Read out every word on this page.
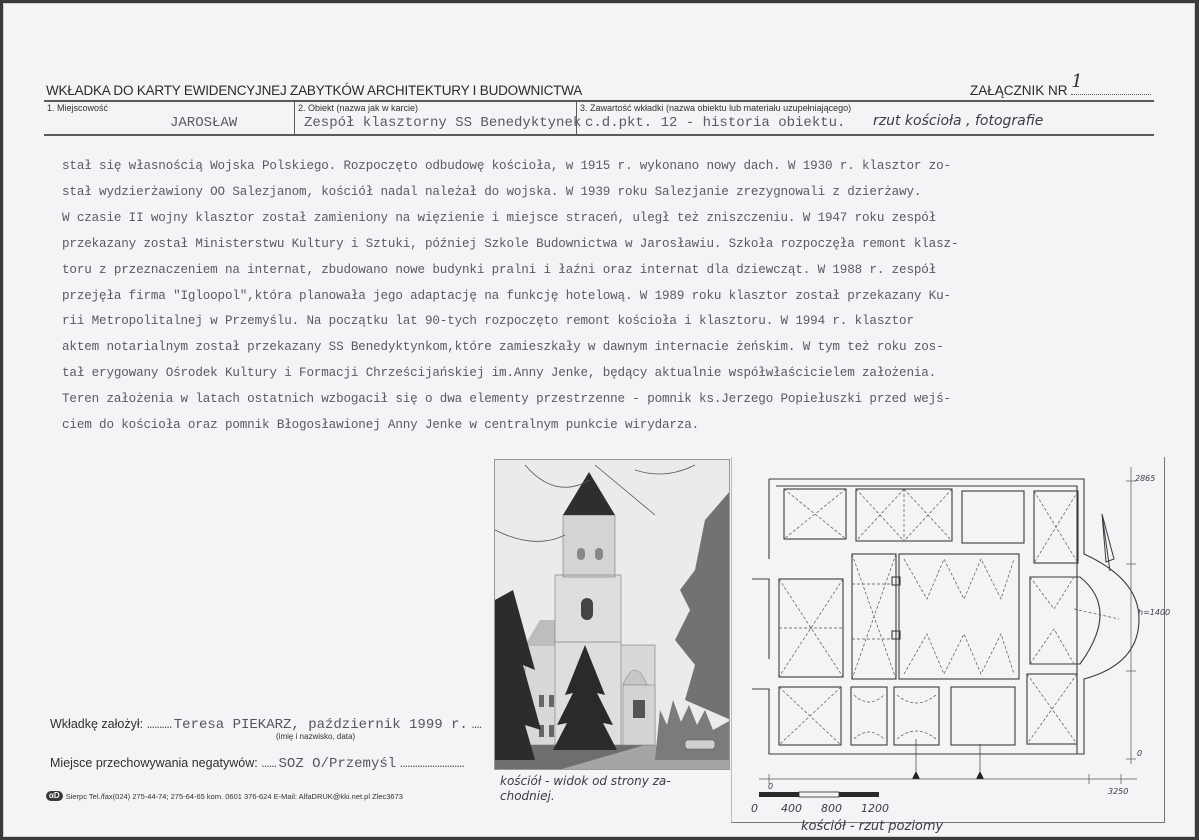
WKŁADKA DO KARTY EWIDENCYJNEJ ZABYTKÓW ARCHITEKTURY I BUDOWNICTWA	ZAŁĄCZNIK NR 1
1. Miejscowość
JAROSŁAW
2. Obiekt (nazwa jak w karcie)
Zespół klasztorny SS Benedyktynek
3. Zawartość wkładki (nazwa obiektu lub materiału uzupełniającego)
c.d.pkt. 12 - historia obiektu. rzut kościoła , fotografie
stał się własnością Wojska Polskiego. Rozpoczęto odbudowę kościoła, w 1915 r. wykonano nowy dach. W 1930 r. klasztor zo-
stał wydzierżawiony OO Salezjanom, kościół nadal należał do wojska. W 1939 roku Salezjanie zrezygnowali z dzierżawy.
W czasie II wojny klasztor został zamieniony na więzienie i miejsce straceń, uległ też zniszczeniu. W 1947 roku zespół
przekazany został Ministerstwu Kultury i Sztuki, później Szkole Budownictwa w Jarosławiu. Szkoła rozpoczęła remont klasz-
toru z przeznaczeniem na internat, zbudowano nowe budynki pralni i łaźni oraz internat dla dziewcząt. W 1988 r. zespół
przejęła firma "Igloopol",która planowała jego adaptację na funkcję hotelową. W 1989 roku klasztor został przekazany Ku-
rii Metropolitalnej w Przemyślu. Na początku lat 90-tych rozpoczęto remont kościoła i klasztoru. W 1994 r. klasztor
aktem notarialnym został przekazany SS Benedyktynkom,które zamieszkały w dawnym internacie żeńskim. W tym też roku zos-
tał erygowany Ośrodek Kultury i Formacji Chrześcijańskiej im.Anny Jenke, będący aktualnie współwłaścicielem założenia.
Teren założenia w latach ostatnich wzbogacił się o dwa elementy przestrzenne - pomnik ks.Jerzego Popiełuszki przed wejś-
ciem do kościoła oraz pomnik Błogosławionej Anny Jenke w centralnym punkcie wirydarza.
kościół - widok od strony za-
chodniej.
2865
h=1400
0
0
3250
0 400 800 1200
kościół - rzut poziomy
Wkładkę założył: .......... Teresa PIEKARZ, październik 1999 r. ....
(imię i nazwisko, data)
Miejsce przechowywania negatywów: ...... SOZ O/Przemyśl ..........................
αD Sierpc Tel./fax(024) 275-44-74; 275-64-65 kom. 0601 376-624 E-Mail: AlfaDRUK@kki.net.pl Zlec3673
